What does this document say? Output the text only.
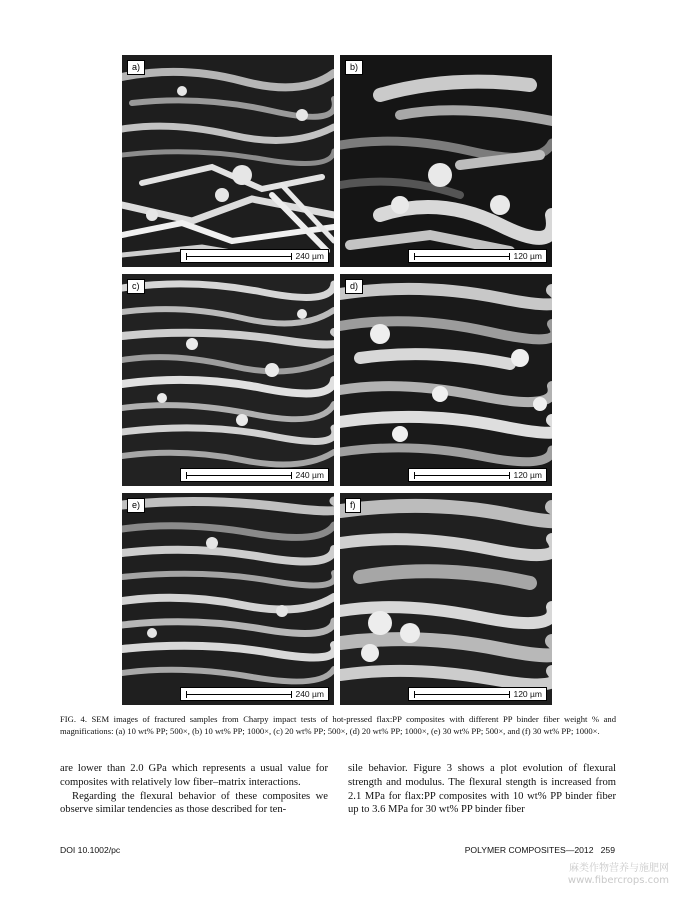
a)
240 µm
b)
120 µm
c)
240 µm
d)
120 µm
e)
240 µm
f)
120 µm
FIG. 4. SEM images of fractured samples from Charpy impact tests of hot-pressed flax:PP composites with different PP binder fiber weight % and magnifications: (a) 10 wt% PP; 500×, (b) 10 wt% PP; 1000×, (c) 20 wt% PP; 500×, (d) 20 wt% PP; 1000×, (e) 30 wt% PP; 500×, and (f) 30 wt% PP; 1000×.

are lower than 2.0 GPa which represents a usual value for composites with relatively low fiber–matrix interactions.

Regarding the flexural behavior of these composites we observe similar tendencies as those described for ten-

sile behavior. Figure 3 shows a plot evolution of flexural strength and modulus. The flexural stength is increased from 2.1 MPa for flax:PP composites with 10 wt% PP binder fiber up to 3.6 MPa for 30 wt% PP binder fiber

DOI 10.1002/pc	POLYMER COMPOSITES—2012   259
麻类作物营养与施肥网
www.fibercrops.com
